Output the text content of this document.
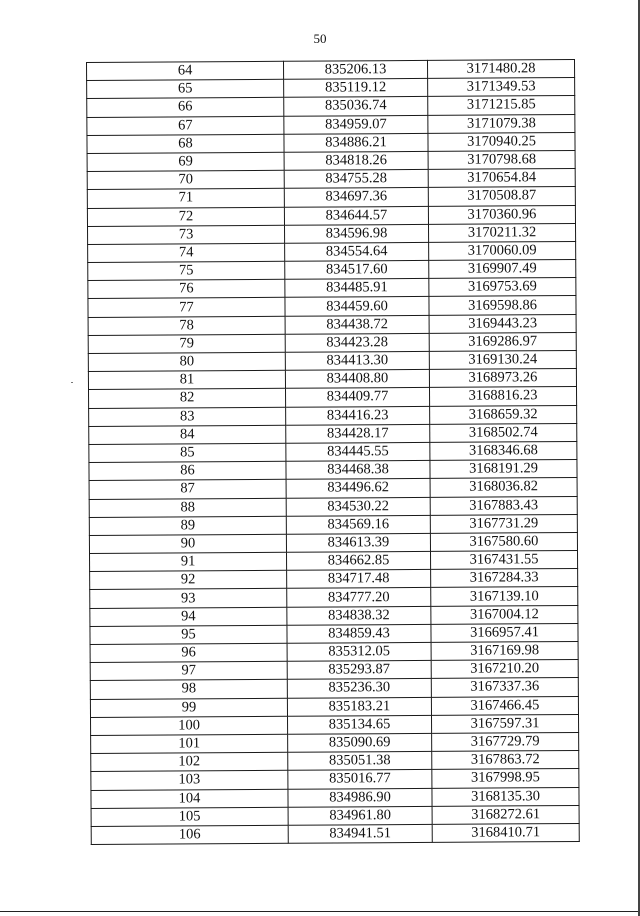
50
64	835206.13	3171480.28
65	835119.12	3171349.53
66	835036.74	3171215.85
67	834959.07	3171079.38
68	834886.21	3170940.25
69	834818.26	3170798.68
70	834755.28	3170654.84
71	834697.36	3170508.87
72	834644.57	3170360.96
73	834596.98	3170211.32
74	834554.64	3170060.09
75	834517.60	3169907.49
76	834485.91	3169753.69
77	834459.60	3169598.86
78	834438.72	3169443.23
79	834423.28	3169286.97
80	834413.30	3169130.24
81	834408.80	3168973.26
82	834409.77	3168816.23
83	834416.23	3168659.32
84	834428.17	3168502.74
85	834445.55	3168346.68
86	834468.38	3168191.29
87	834496.62	3168036.82
88	834530.22	3167883.43
89	834569.16	3167731.29
90	834613.39	3167580.60
91	834662.85	3167431.55
92	834717.48	3167284.33
93	834777.20	3167139.10
94	834838.32	3167004.12
95	834859.43	3166957.41
96	835312.05	3167169.98
97	835293.87	3167210.20
98	835236.30	3167337.36
99	835183.21	3167466.45
100	835134.65	3167597.31
101	835090.69	3167729.79
102	835051.38	3167863.72
103	835016.77	3167998.95
104	834986.90	3168135.30
105	834961.80	3168272.61
106	834941.51	3168410.71
